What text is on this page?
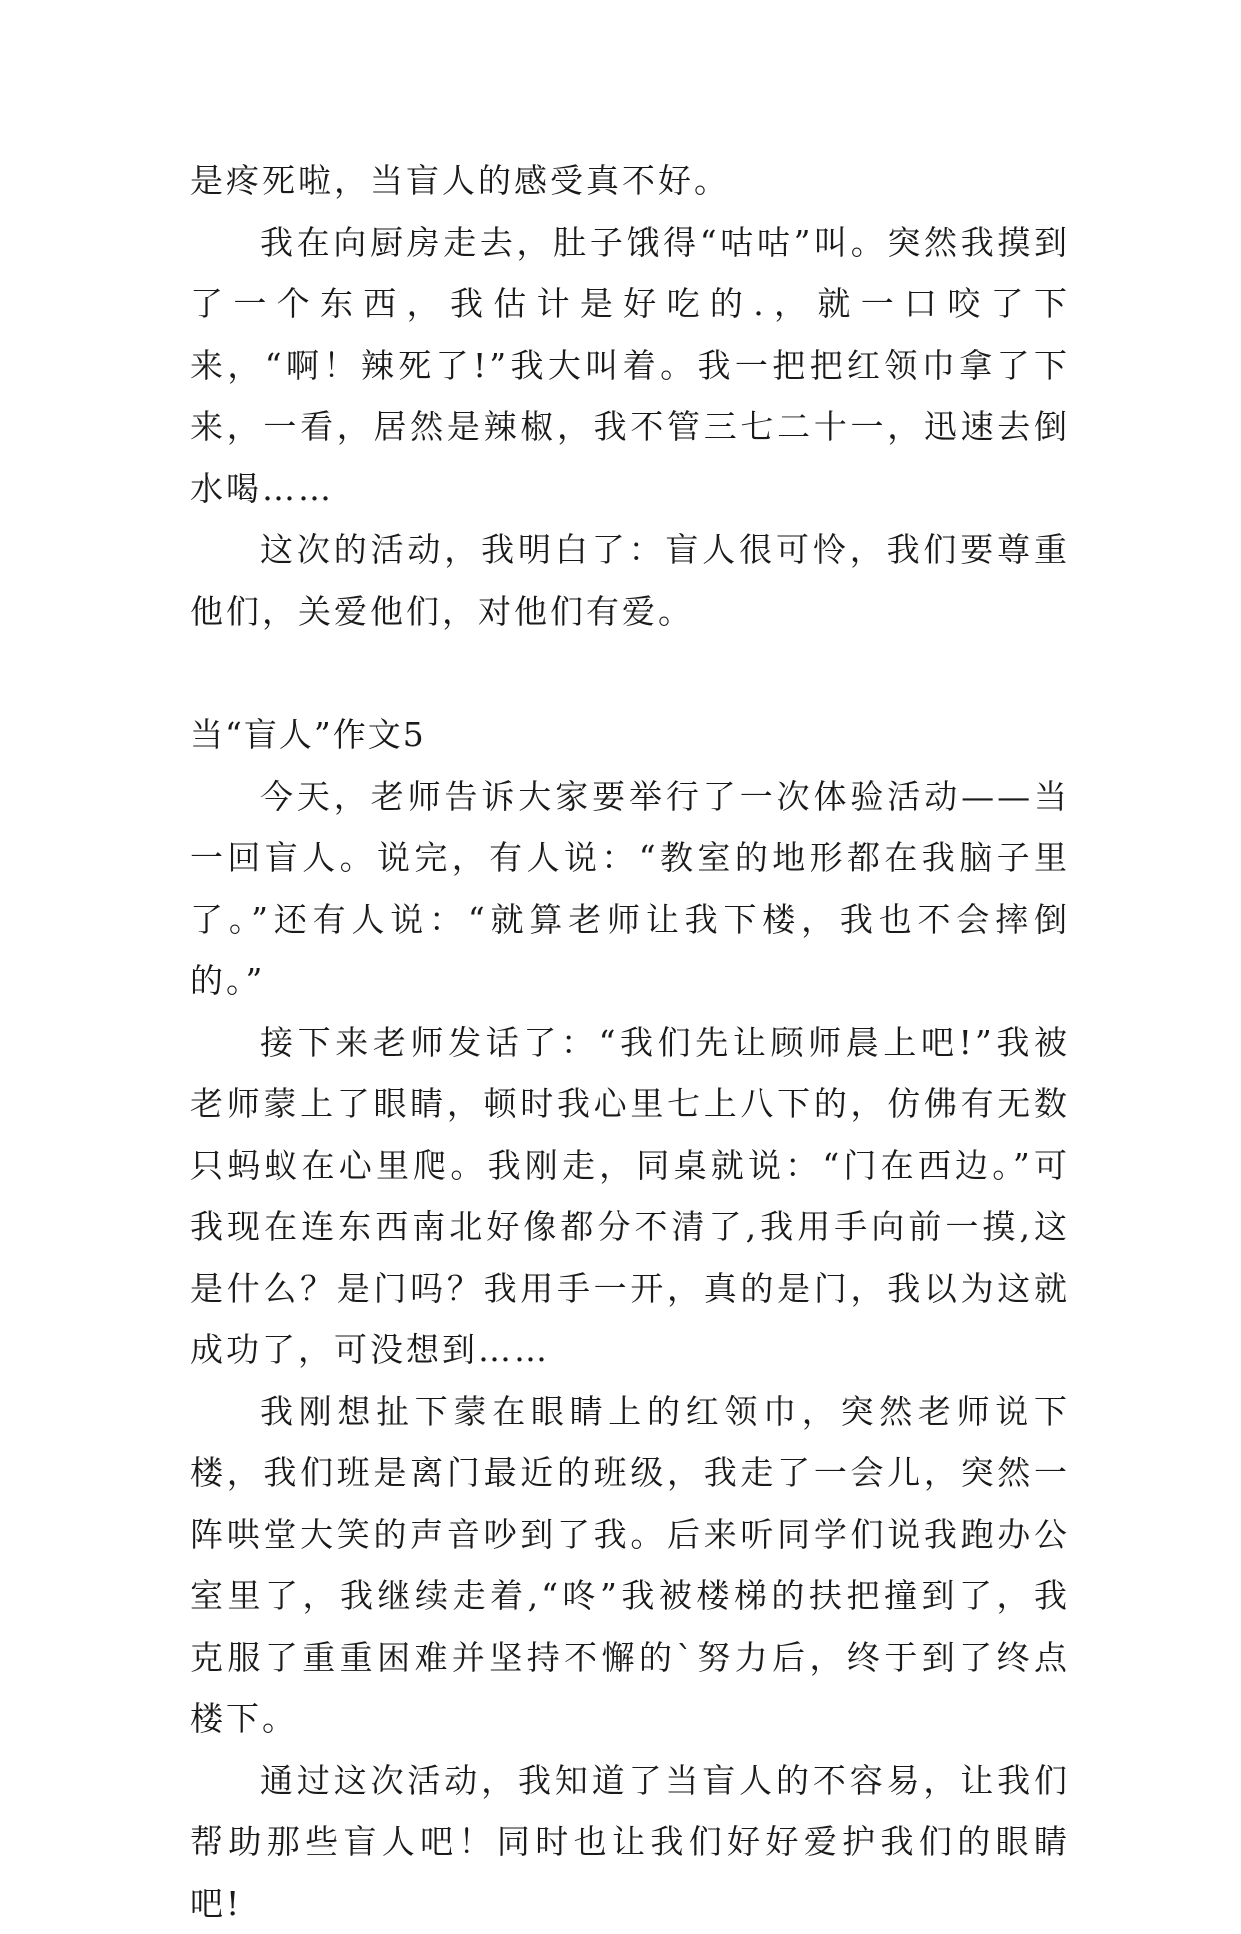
是疼死啦，当盲人的感受真不好。

我在向厨房走去，肚子饿得“咕咕”叫。突然我摸到了一个东西，我估计是好吃的.，就一口咬了下来，“啊！辣死了!”我大叫着。我一把把红领巾拿了下来，一看，居然是辣椒，我不管三七二十一，迅速去倒水喝……

这次的活动，我明白了：盲人很可怜，我们要尊重他们，关爱他们，对他们有爱。

当“盲人”作文5

今天，老师告诉大家要举行了一次体验活动——当一回盲人。说完，有人说：“教室的地形都在我脑子里了。”还有人说：“就算老师让我下楼，我也不会摔倒的。”

接下来老师发话了：“我们先让顾师晨上吧!”我被老师蒙上了眼睛，顿时我心里七上八下的，仿佛有无数只蚂蚁在心里爬。我刚走，同桌就说：“门在西边。”可我现在连东西南北好像都分不清了,我用手向前一摸,这是什么？是门吗？我用手一开，真的是门，我以为这就成功了，可没想到……

我刚想扯下蒙在眼睛上的红领巾，突然老师说下楼，我们班是离门最近的班级，我走了一会儿，突然一阵哄堂大笑的声音吵到了我。后来听同学们说我跑办公室里了，我继续走着,“咚”我被楼梯的扶把撞到了，我克服了重重困难并坚持不懈的`努力后，终于到了终点楼下。

通过这次活动，我知道了当盲人的不容易，让我们帮助那些盲人吧！同时也让我们好好爱护我们的眼睛吧!
